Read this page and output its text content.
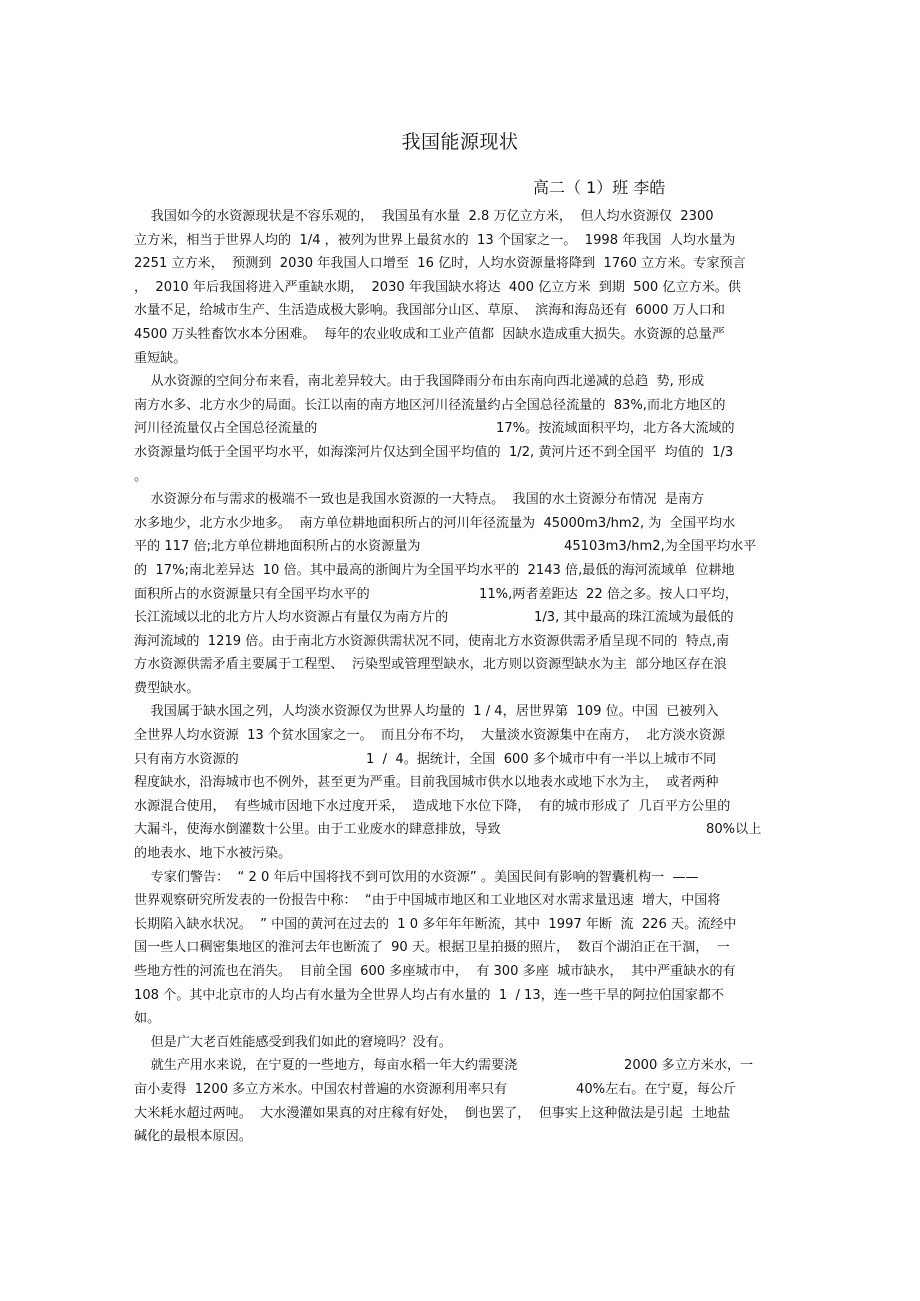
我国能源现状
高二（ 1）班 李皓
我国如今的水资源现状是不容乐观的，  我国虽有水量  2.8 万亿立方米，  但人均水资源仅  2300
立方米，相当于世界人均的  1/4 ，被列为世界上最贫水的  13 个国家之一。  1998 年我国  人均水量为
2251 立方米，  预测到  2030 年我国人口增至  16 亿时，人均水资源量将降到  1760 立方米。专家预言
，  2010 年后我国将进入严重缺水期，  2030 年我国缺水将达  400 亿立方米  到期  500 亿立方米。供
水量不足，给城市生产、生活造成极大影响。我国部分山区、草原、  滨海和海岛还有  6000 万人口和
4500 万头牲畜饮水本分困难。  每年的农业收成和工业产值都  因缺水造成重大损失。水资源的总量严
重短缺。
从水资源的空间分布来看，南北差异较大。由于我国降雨分布由东南向西北递减的总趋  势, 形成
南方水多、北方水少的局面。长江以南的南方地区河川径流量约占全国总径流量的  83%,而北方地区的

河川径流量仅占全国总径流量的

	17%。按流域面积平均，北方各大流域的

水资源量均低于全国平均水平，如海滦河片仅达到全国平均值的  1/2, 黄河片还不到全国平  均值的  1/3
。
水资源分布与需求的极端不一致也是我国水资源的一大特点。  我国的水土资源分布情况  是南方
水多地少，北方水少地多。  南方单位耕地面积所占的河川年径流量为  45000m3/hm2, 为  全国平均水

平的 117 倍;北方单位耕地面积所占的水资源量为

	45103m3/hm2,为全国平均水平

的  17%;南北差异达  10 倍。其中最高的浙闽片为全国平均水平的  2143 倍,最低的海河流域单  位耕地

面积所占的水资源量只有全国平均水平的

	11%,两者差距达  22 倍之多。按人口平均，

长江流域以北的北方片人均水资源占有量仅为南方片的

	1/3, 其中最高的珠江流域为最低的

海河流域的  1219 倍。由于南北方水资源供需状况不同，使南北方水资源供需矛盾呈现不同的  特点,南
方水资源供需矛盾主要属于工程型、  污染型或管理型缺水，北方则以资源型缺水为主  部分地区存在浪
费型缺水。
我国属于缺水国之列，人均淡水资源仅为世界人均量的  1 / 4，居世界第  109 位。中国  已被列入
全世界人均水资源  13 个贫水国家之一。  而且分布不均，  大量淡水资源集中在南方，  北方淡水资源

只有南方水资源的

	1  /  4。据统计，全国  600 多个城市中有一半以上城市不同

程度缺水，沿海城市也不例外，甚至更为严重。目前我国城市供水以地表水或地下水为主，  或者两种
水源混合使用，  有些城市因地下水过度开采，  造成地下水位下降，  有的城市形成了  几百平方公里的

大漏斗，使海水倒灌数十公里。由于工业废水的肆意排放，导致

	80%以上

的地表水、地下水被污染。
专家们警告：  “ 2 0 年后中国将找不到可饮用的水资源” 。美国民间有影响的智囊机构一  ——
世界观察研究所发表的一份报告中称：  “由于中国城市地区和工业地区对水需求量迅速  增大，中国将
长期陷入缺水状况。  ” 中国的黄河在过去的  1 0 多年年年断流，其中  1997 年断  流  226 天。流经中
国一些人口稠密集地区的淮河去年也断流了  90 天。根据卫星拍摄的照片，  数百个湖泊正在干涸，  一
些地方性的河流也在消失。  目前全国  600 多座城市中，  有 300 多座  城市缺水，  其中严重缺水的有
108 个。其中北京市的人均占有水量为全世界人均占有水量的  1  / 13，连一些干旱的阿拉伯国家都不
如。
但是广大老百姓能感受到我们如此的窘境吗？没有。

就生产用水来说，在宁夏的一些地方，每亩水稻一年大约需要浇

	2000 多立方米水，一

亩小麦得  1200 多立方米水。中国农村普遍的水资源利用率只有

	40%左右。在宁夏，每公斤

大米耗水超过两吨。  大水漫灌如果真的对庄稼有好处，  倒也罢了，  但事实上这种做法是引起  土地盐
碱化的最根本原因。
